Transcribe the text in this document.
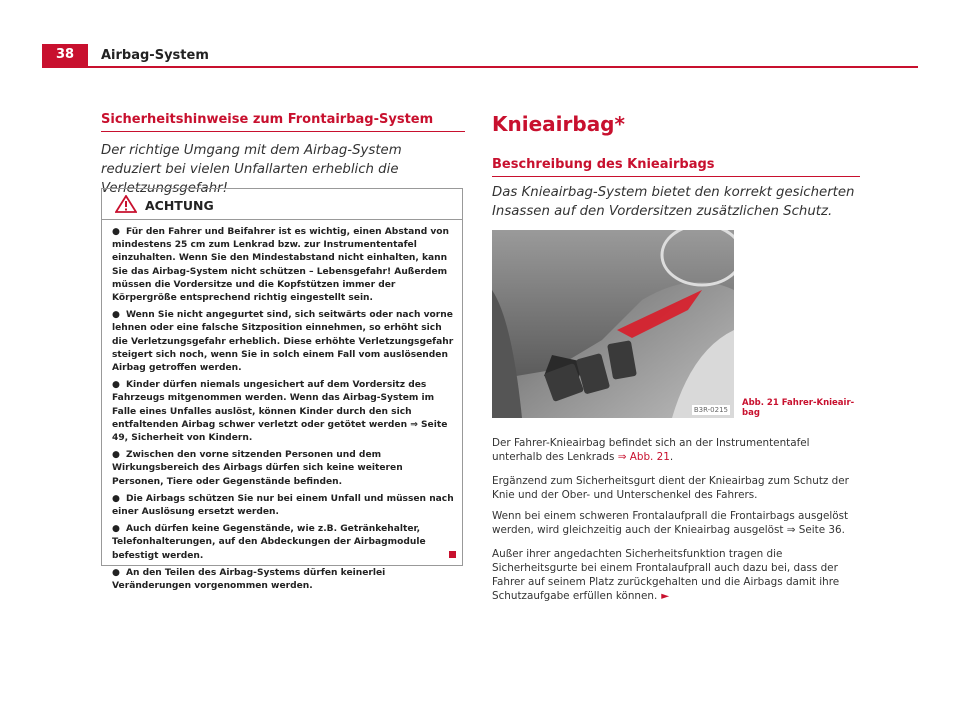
38	Airbag-System
Sicherheitshinweise zum Frontairbag-System
Der richtige Umgang mit dem Airbag-System reduziert bei vielen Unfallarten erheblich die Verletzungsgefahr!
ACHTUNG
● Für den Fahrer und Beifahrer ist es wichtig, einen Abstand von mindestens 25 cm zum Lenkrad bzw. zur Instrumententafel einzuhalten. Wenn Sie den Mindestabstand nicht einhalten, kann Sie das Airbag-System nicht schützen – Lebensgefahr! Außerdem müssen die Vordersitze und die Kopfstützen immer der Körpergröße entsprechend richtig eingestellt sein.
● Wenn Sie nicht angegurtet sind, sich seitwärts oder nach vorne lehnen oder eine falsche Sitzposition einnehmen, so erhöht sich die Verletzungsgefahr erheblich. Diese erhöhte Verletzungsgefahr steigert sich noch, wenn Sie in solch einem Fall vom auslösenden Airbag getroffen werden.
● Kinder dürfen niemals ungesichert auf dem Vordersitz des Fahrzeugs mitgenommen werden. Wenn das Airbag-System im Falle eines Unfalles auslöst, können Kinder durch den sich entfaltenden Airbag schwer verletzt oder getötet werden ⇒ Seite 49, Sicherheit von Kindern.
● Zwischen den vorne sitzenden Personen und dem Wirkungsbereich des Airbags dürfen sich keine weiteren Personen, Tiere oder Gegenstände befinden.
● Die Airbags schützen Sie nur bei einem Unfall und müssen nach einer Auslösung ersetzt werden.
● Auch dürfen keine Gegenstände, wie z.B. Getränkehalter, Telefonhalterungen, auf den Abdeckungen der Airbagmodule befestigt werden.
● An den Teilen des Airbag-Systems dürfen keinerlei Veränderungen vorgenommen werden.
Knieairbag*
Beschreibung des Knieairbags
Das Knieairbag-System bietet den korrekt gesicherten Insassen auf den Vordersitzen zusätzlichen Schutz.
B3R-0215
Abb. 21 Fahrer-Knieairbag
Der Fahrer-Knieairbag befindet sich an der Instrumententafel unterhalb des Lenkrads ⇒ Abb. 21.
Ergänzend zum Sicherheitsgurt dient der Knieairbag zum Schutz der Knie und der Ober- und Unterschenkel des Fahrers.
Wenn bei einem schweren Frontalaufprall die Frontairbags ausgelöst werden, wird gleichzeitig auch der Knieairbag ausgelöst ⇒ Seite 36.
Außer ihrer angedachten Sicherheitsfunktion tragen die Sicherheitsgurte bei einem Frontalaufprall auch dazu bei, dass der Fahrer auf seinem Platz zurückgehalten und die Airbags damit ihre Schutzaufgabe erfüllen können. ►
